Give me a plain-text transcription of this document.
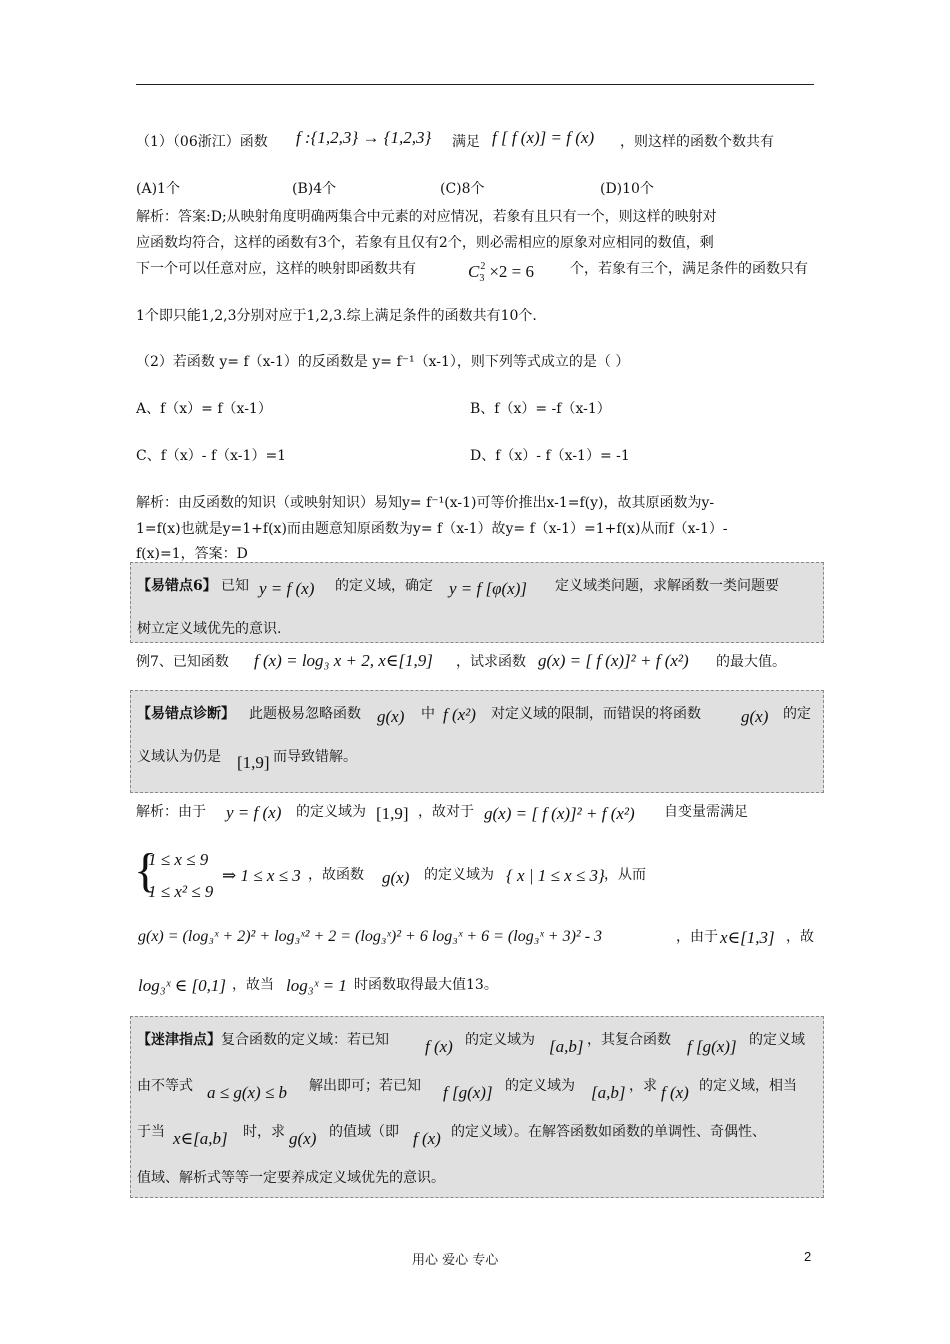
（1）（06浙江）函数 f :{1,2,3} → {1,2,3} 满足 f [ f (x)] = f (x) ，则这样的函数个数共有
(A)1个	(B)4个	(C)8个	(D)10个
解析：答案:D;从映射角度明确两集合中元素的对应情况，若象有且只有一个，则这样的映射对
应函数均符合，这样的函数有3个，若象有且仅有2个，则必需相应的原象对应相同的数值，剩
下一个可以任意对应，这样的映射即函数共有	$C^2_3 \times 2 = 6$	个，若象有三个，满足条件的函数只有
1个即只能1,2,3分别对应于1,2,3.综上满足条件的函数共有10个.
（2）若函数 y= f（x-1）的反函数是 y= f⁻¹（x-1），则下列等式成立的是（ ）
A、f（x）= f（x-1）	B、f（x）= -f（x-1）
C、f（x）- f（x-1）=1	D、f（x）- f（x-1）= -1
解析：由反函数的知识（或映射知识）易知y= f⁻¹(x-1)可等价推出x-1=f(y)，故其原函数为y-
1=f(x)也就是y=1+f(x)而由题意知原函数为y= f（x-1）故y= f（x-1）=1+f(x)从而f（x-1）-
f(x)=1，答案：D
【易错点6】 已知 y = f (x) 的定义域，确定 y = f [φ(x)] 定义域类问题，求解函数一类问题要
树立定义域优先的意识.
例7、已知函数 f (x) = log₃ x + 2, x∈[1,9] ，试求函数 g(x) = [ f (x)]² + f (x²) 的最大值。
【易错点诊断】 此题极易忽略函数 g(x) 中 f (x²) 对定义域的限制，而错误的将函数 g(x) 的定
义域认为仍是 [1,9] 而导致错解。
解析：由于 y = f (x) 的定义域为 [1,9] ，故对于 g(x) = [ f (x)]² + f (x²) 自变量需满足
{
1 ≤ x ≤ 9
1 ≤ x² ≤ 9
⇒ 1 ≤ x ≤ 3 ，故函数 g(x) 的定义域为 { x | 1 ≤ x ≤ 3} ，从而
g(x) = (log₃ˣ + 2)² + log₃ˣ² + 2 = (log₃ˣ)² + 6 log₃ˣ + 6 = (log₃ˣ + 3)² - 3	，由于 x∈[1,3] ，故
log₃ˣ ∈ [0,1] ，故当 log₃ˣ = 1 时函数取得最大值13。
【迷津指点】 复合函数的定义域：若已知 f (x) 的定义域为 [a,b] ，其复合函数 f [g(x)] 的定义域
由不等式 a ≤ g(x) ≤ b 解出即可；若已知 f [g(x)] 的定义域为 [a,b] ，求 f (x) 的定义域，相当
于当 x∈[a,b] 时，求 g(x) 的值域（即 f (x) 的定义域）。在解答函数如函数的单调性、奇偶性、
值域、解析式等等一定要养成定义域优先的意识。
用心 爱心 专心	2
